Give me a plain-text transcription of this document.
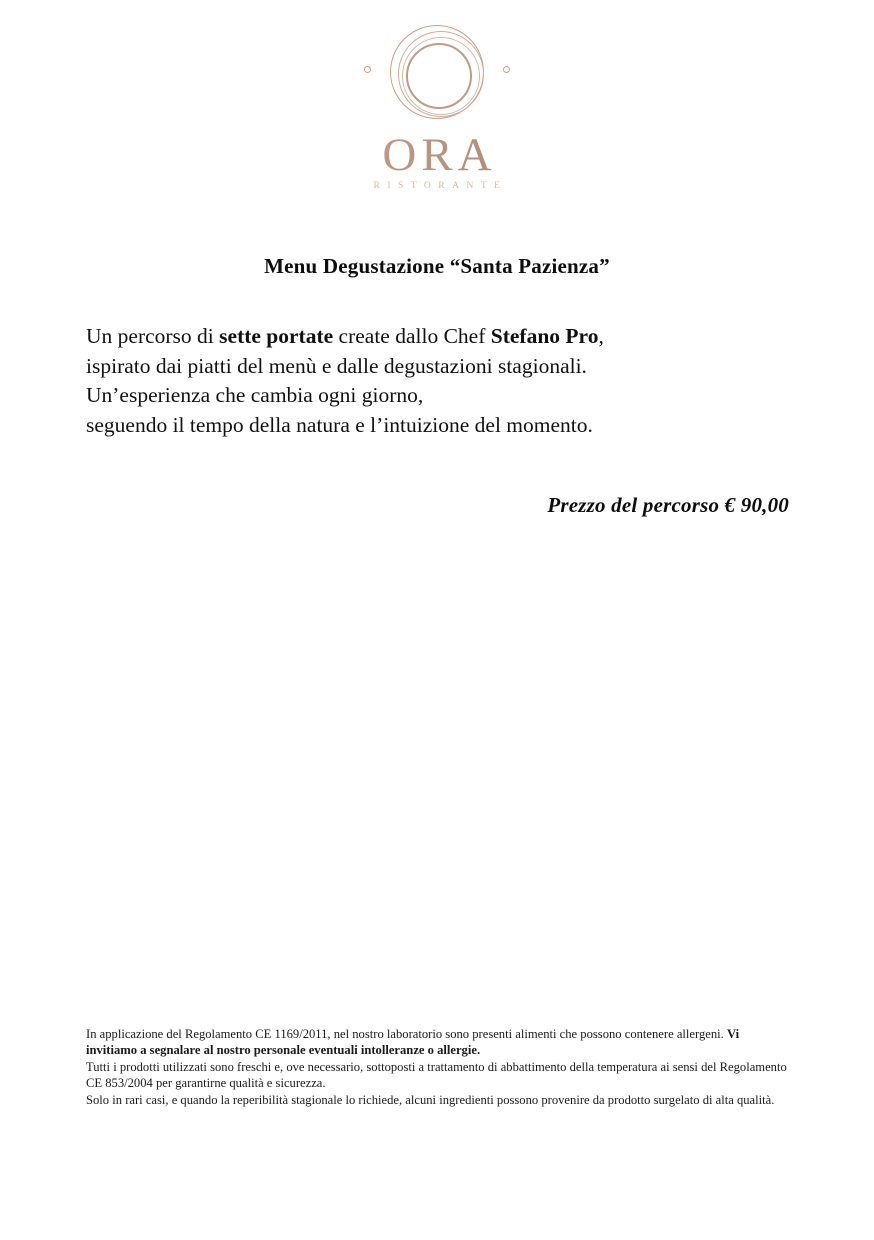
ORA
RISTORANTE
Menu Degustazione “Santa Pazienza”
Un percorso di sette portate create dallo Chef Stefano Pro,
ispirato dai piatti del menù e dalle degustazioni stagionali.
Un’esperienza che cambia ogni giorno,
seguendo il tempo della natura e l’intuizione del momento.
Prezzo del percorso € 90,00

In applicazione del Regolamento CE 1169/2011, nel nostro laboratorio sono presenti alimenti che possono contenere allergeni. Vi invitiamo a segnalare al nostro personale eventuali intolleranze o allergie.

Tutti i prodotti utilizzati sono freschi e, ove necessario, sottoposti a trattamento di abbattimento della temperatura ai sensi del Regolamento CE 853/2004 per garantirne qualità e sicurezza.

Solo in rari casi, e quando la reperibilità stagionale lo richiede, alcuni ingredienti possono provenire da prodotto surgelato di alta qualità.
